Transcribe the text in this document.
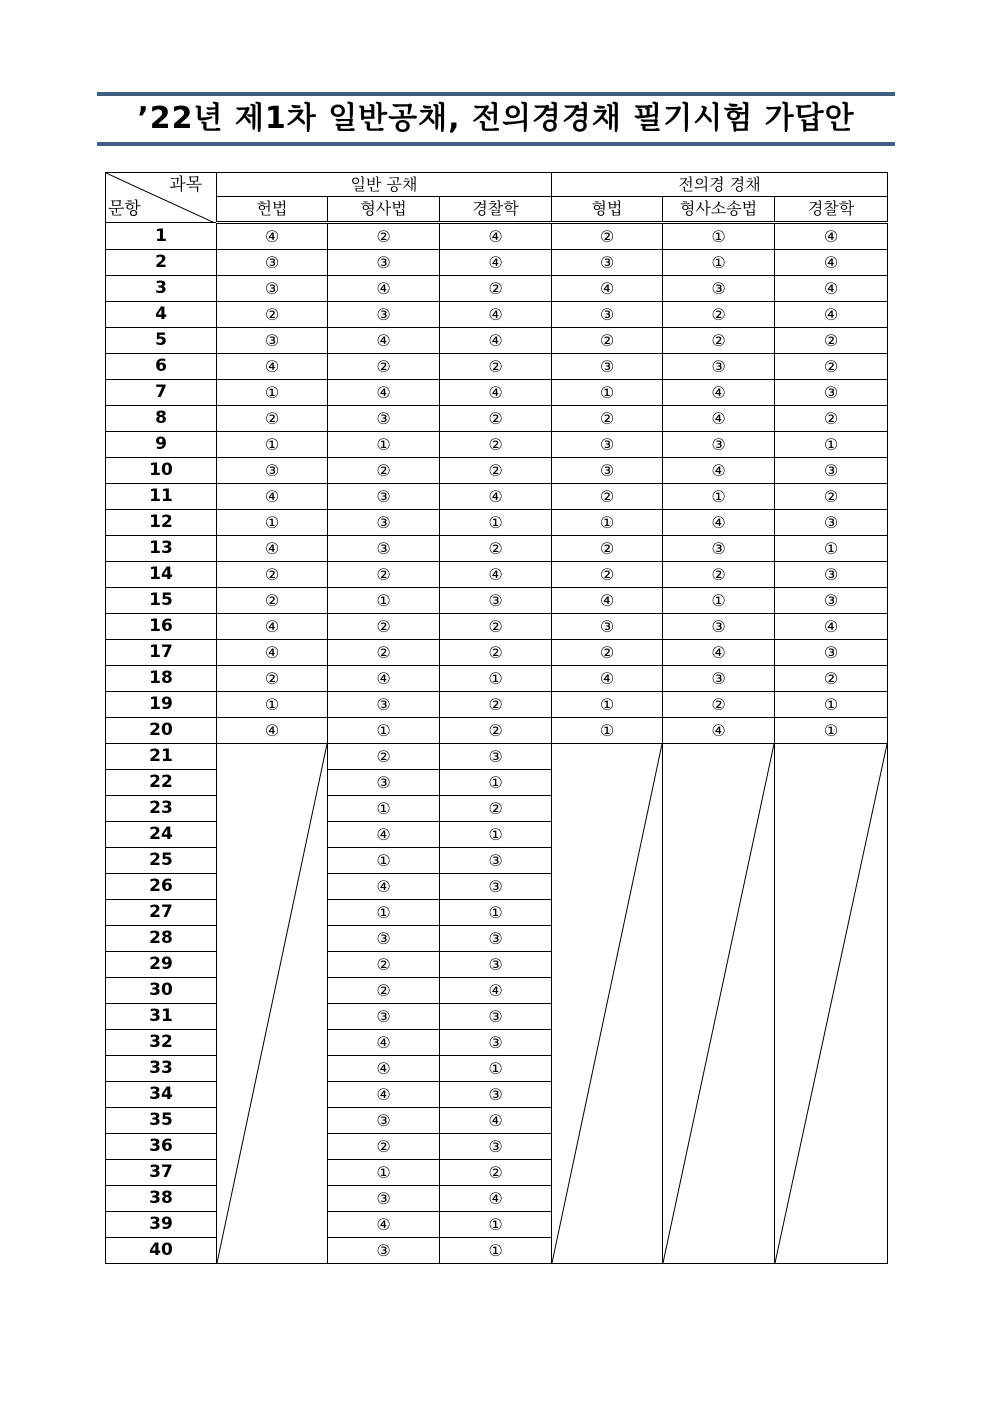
’22년 제1차 일반공채, 전의경경채 필기시험 가답안
과목
문항	일반 공채			전의경 경채		
	헌법	형사법	경찰학	형법	형사소송법	경찰학
1	④	②	④	②	①	④
2	③	③	④	③	①	④
3	③	④	②	④	③	④
4	②	③	④	③	②	④
5	③	④	④	②	②	②
6	④	②	②	③	③	②
7	①	④	④	①	④	③
8	②	③	②	②	④	②
9	①	①	②	③	③	①
10	③	②	②	③	④	③
11	④	③	④	②	①	②
12	①	③	①	①	④	③
13	④	③	②	②	③	①
14	②	②	④	②	②	③
15	②	①	③	④	①	③
16	④	②	②	③	③	④
17	④	②	②	②	④	③
18	②	④	①	④	③	②
19	①	③	②	①	②	①
20	④	①	②	①	④	①
21		②	③	

22		③	①			
23		①	②			
24		④	①			
25		①	③			
26		④	③			
27		①	①			
28		③	③			
29		②	③			
30		②	④			
31		③	③			
32		④	③			
33		④	①			
34		④	③			
35		③	④			
36		②	③			
37		①	②			
38		③	④			
39		④	①			
40		③	①			
